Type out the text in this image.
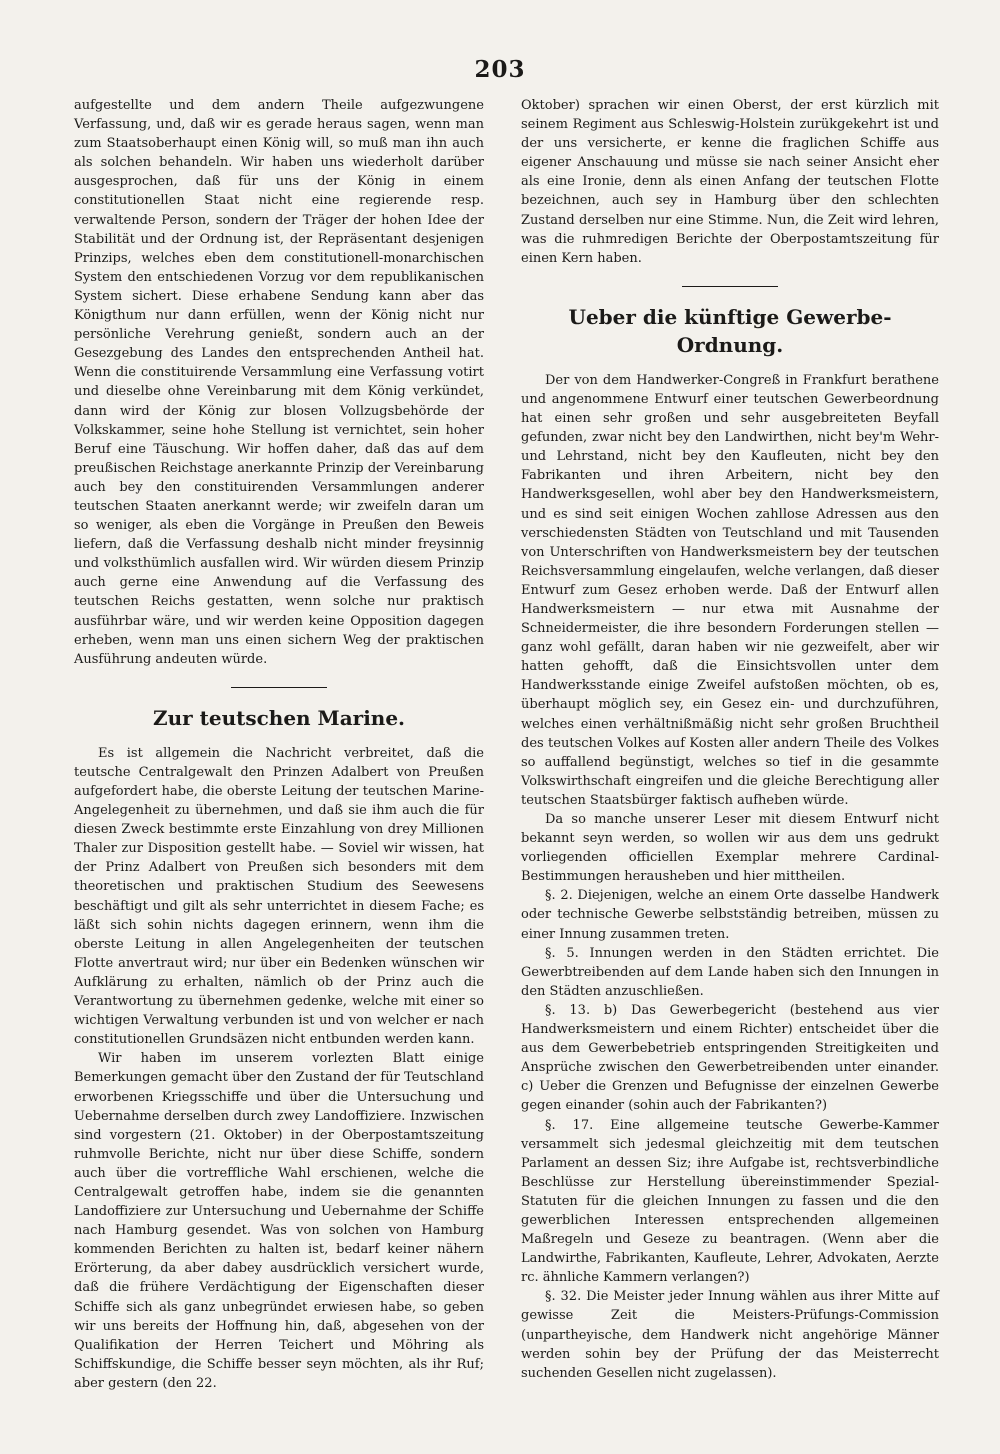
203

aufgestellte und dem andern Theile aufgezwungene Verfassung, und, daß wir es gerade heraus sagen, wenn man zum Staatsoberhaupt einen König will, so muß man ihn auch als solchen behandeln. Wir haben uns wiederholt darüber ausgesprochen, daß für uns der König in einem constitutionellen Staat nicht eine regierende resp. verwaltende Person, sondern der Träger der hohen Idee der Stabilität und der Ordnung ist, der Repräsentant desjenigen Prinzips, welches eben dem constitutionell-monarchischen System den entschiedenen Vorzug vor dem republikanischen System sichert. Diese erhabene Sendung kann aber das Königthum nur dann erfüllen, wenn der König nicht nur persönliche Verehrung genießt, sondern auch an der Gesezgebung des Landes den entsprechenden Antheil hat. Wenn die constituirende Versammlung eine Verfassung votirt und dieselbe ohne Vereinbarung mit dem König verkündet, dann wird der König zur blosen Vollzugsbehörde der Volkskammer, seine hohe Stellung ist vernichtet, sein hoher Beruf eine Täuschung. Wir hoffen daher, daß das auf dem preußischen Reichstage anerkannte Prinzip der Vereinbarung auch bey den constituirenden Versammlungen anderer teutschen Staaten anerkannt werde; wir zweifeln daran um so weniger, als eben die Vorgänge in Preußen den Beweis liefern, daß die Verfassung deshalb nicht minder freysinnig und volksthümlich ausfallen wird. Wir würden diesem Prinzip auch gerne eine Anwendung auf die Verfassung des teutschen Reichs gestatten, wenn solche nur praktisch ausführbar wäre, und wir werden keine Opposition dagegen erheben, wenn man uns einen sichern Weg der praktischen Ausführung andeuten würde.

Zur teutschen Marine.

Es ist allgemein die Nachricht verbreitet, daß die teutsche Centralgewalt den Prinzen Adalbert von Preußen aufgefordert habe, die oberste Leitung der teutschen Marine-Angelegenheit zu übernehmen, und daß sie ihm auch die für diesen Zweck bestimmte erste Einzahlung von drey Millionen Thaler zur Disposition gestellt habe. — Soviel wir wissen, hat der Prinz Adalbert von Preußen sich besonders mit dem theoretischen und praktischen Studium des Seewesens beschäftigt und gilt als sehr unterrichtet in diesem Fache; es läßt sich sohin nichts dagegen erinnern, wenn ihm die oberste Leitung in allen Angelegenheiten der teutschen Flotte anvertraut wird; nur über ein Bedenken wünschen wir Aufklärung zu erhalten, nämlich ob der Prinz auch die Verantwortung zu übernehmen gedenke, welche mit einer so wichtigen Verwaltung verbunden ist und von welcher er nach constitutionellen Grundsäzen nicht entbunden werden kann.

Wir haben im unserem vorlezten Blatt einige Bemerkungen gemacht über den Zustand der für Teutschland erworbenen Kriegsschiffe und über die Untersuchung und Uebernahme derselben durch zwey Landoffiziere. Inzwischen sind vorgestern (21. Oktober) in der Oberpostamtszeitung ruhmvolle Berichte, nicht nur über diese Schiffe, sondern auch über die vortreffliche Wahl erschienen, welche die Centralgewalt getroffen habe, indem sie die genannten Landoffiziere zur Untersuchung und Uebernahme der Schiffe nach Hamburg gesendet. Was von solchen von Hamburg kommenden Berichten zu halten ist, bedarf keiner nähern Erörterung, da aber dabey ausdrücklich versichert wurde, daß die frühere Verdächtigung der Eigenschaften dieser Schiffe sich als ganz unbegründet erwiesen habe, so geben wir uns bereits der Hoffnung hin, daß, abgesehen von der Qualifikation der Herren Teichert und Möhring als Schiffskundige, die Schiffe besser seyn möchten, als ihr Ruf; aber gestern (den 22.

Oktober) sprachen wir einen Oberst, der erst kürzlich mit seinem Regiment aus Schleswig-Holstein zurükgekehrt ist und der uns versicherte, er kenne die fraglichen Schiffe aus eigener Anschauung und müsse sie nach seiner Ansicht eher als eine Ironie, denn als einen Anfang der teutschen Flotte bezeichnen, auch sey in Hamburg über den schlechten Zustand derselben nur eine Stimme. Nun, die Zeit wird lehren, was die ruhmredigen Berichte der Oberpostamtszeitung für einen Kern haben.

Ueber die künftige Gewerbe-Ordnung.

Der von dem Handwerker-Congreß in Frankfurt berathene und angenommene Entwurf einer teutschen Gewerbeordnung hat einen sehr großen und sehr ausgebreiteten Beyfall gefunden, zwar nicht bey den Landwirthen, nicht bey'm Wehr- und Lehrstand, nicht bey den Kaufleuten, nicht bey den Fabrikanten und ihren Arbeitern, nicht bey den Handwerksgesellen, wohl aber bey den Handwerksmeistern, und es sind seit einigen Wochen zahllose Adressen aus den verschiedensten Städten von Teutschland und mit Tausenden von Unterschriften von Handwerksmeistern bey der teutschen Reichsversammlung eingelaufen, welche verlangen, daß dieser Entwurf zum Gesez erhoben werde. Daß der Entwurf allen Handwerksmeistern — nur etwa mit Ausnahme der Schneidermeister, die ihre besondern Forderungen stellen — ganz wohl gefällt, daran haben wir nie gezweifelt, aber wir hatten gehofft, daß die Einsichtsvollen unter dem Handwerksstande einige Zweifel aufstoßen möchten, ob es, überhaupt möglich sey, ein Gesez ein- und durchzuführen, welches einen verhältnißmäßig nicht sehr großen Bruchtheil des teutschen Volkes auf Kosten aller andern Theile des Volkes so auffallend begünstigt, welches so tief in die gesammte Volkswirthschaft eingreifen und die gleiche Berechtigung aller teutschen Staatsbürger faktisch aufheben würde.

Da so manche unserer Leser mit diesem Entwurf nicht bekannt seyn werden, so wollen wir aus dem uns gedrukt vorliegenden officiellen Exemplar mehrere Cardinal-Bestimmungen herausheben und hier mittheilen.

§. 2. Diejenigen, welche an einem Orte dasselbe Handwerk oder technische Gewerbe selbstständig betreiben, müssen zu einer Innung zusammen treten.

§. 5. Innungen werden in den Städten errichtet. Die Gewerbtreibenden auf dem Lande haben sich den Innungen in den Städten anzuschließen.

§. 13. b) Das Gewerbegericht (bestehend aus vier Handwerksmeistern und einem Richter) entscheidet über die aus dem Gewerbebetrieb entspringenden Streitigkeiten und Ansprüche zwischen den Gewerbetreibenden unter einander. c) Ueber die Grenzen und Befugnisse der einzelnen Gewerbe gegen einander (sohin auch der Fabrikanten?)

§. 17. Eine allgemeine teutsche Gewerbe-Kammer versammelt sich jedesmal gleichzeitig mit dem teutschen Parlament an dessen Siz; ihre Aufgabe ist, rechtsverbindliche Beschlüsse zur Herstellung übereinstimmender Spezial-Statuten für die gleichen Innungen zu fassen und die den gewerblichen Interessen entsprechenden allgemeinen Maßregeln und Geseze zu beantragen. (Wenn aber die Landwirthe, Fabrikanten, Kaufleute, Lehrer, Advokaten, Aerzte rc. ähnliche Kammern verlangen?)

§. 32. Die Meister jeder Innung wählen aus ihrer Mitte auf gewisse Zeit die Meisters-Prüfungs-Commission (unpartheyische, dem Handwerk nicht angehörige Männer werden sohin bey der Prüfung der das Meisterrecht suchenden Gesellen nicht zugelassen).
